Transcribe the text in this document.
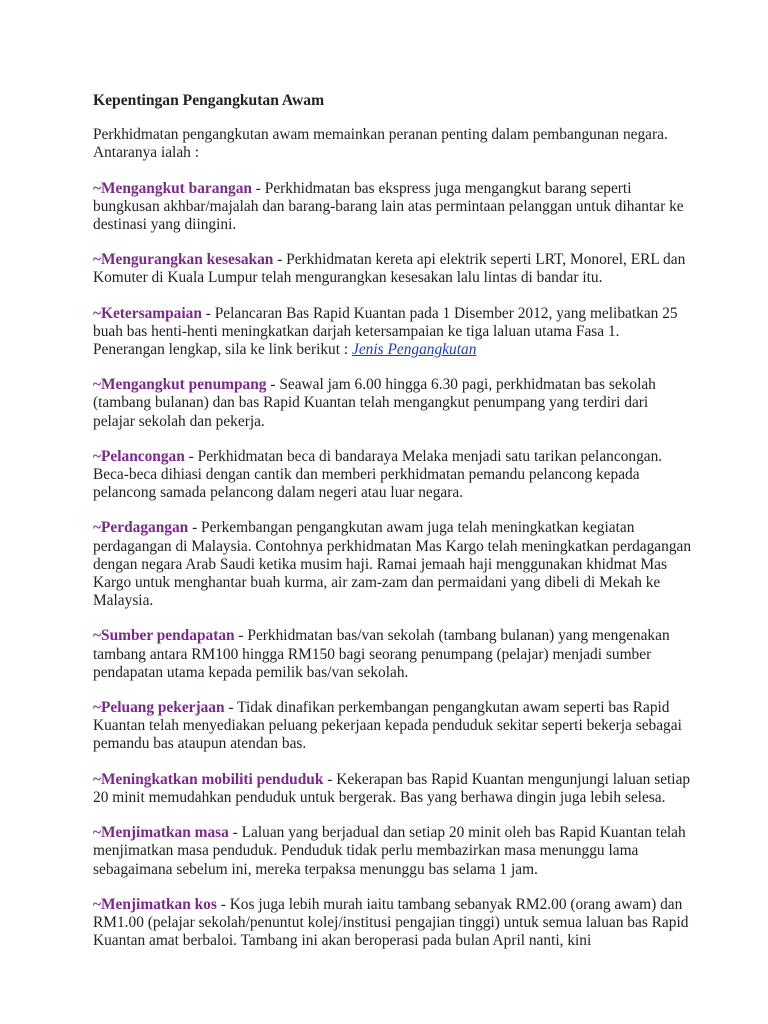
Kepentingan Pengangkutan Awam
Perkhidmatan pengangkutan awam memainkan peranan penting dalam pembangunan negara. Antaranya ialah :
~Mengangkut barangan - Perkhidmatan bas ekspress juga mengangkut barang seperti bungkusan akhbar/majalah dan barang-barang lain atas permintaan pelanggan untuk dihantar ke destinasi yang diingini.
~Mengurangkan kesesakan - Perkhidmatan kereta api elektrik seperti LRT, Monorel, ERL dan Komuter di Kuala Lumpur telah mengurangkan kesesakan lalu lintas di bandar itu.
~Ketersampaian - Pelancaran Bas Rapid Kuantan pada 1 Disember 2012, yang melibatkan 25 buah bas henti-henti meningkatkan darjah ketersampaian ke tiga laluan utama Fasa 1. Penerangan lengkap, sila ke link berikut : Jenis Pengangkutan
~Mengangkut penumpang - Seawal jam 6.00 hingga 6.30 pagi, perkhidmatan bas sekolah (tambang bulanan) dan bas Rapid Kuantan telah mengangkut penumpang yang terdiri dari pelajar sekolah dan pekerja.
~Pelancongan - Perkhidmatan beca di bandaraya Melaka menjadi satu tarikan pelancongan. Beca-beca dihiasi dengan cantik dan memberi perkhidmatan pemandu pelancong kepada pelancong samada pelancong dalam negeri atau luar negara.
~Perdagangan - Perkembangan pengangkutan awam juga telah meningkatkan kegiatan perdagangan di Malaysia. Contohnya perkhidmatan Mas Kargo telah meningkatkan perdagangan dengan negara Arab Saudi ketika musim haji. Ramai jemaah haji menggunakan khidmat Mas Kargo untuk menghantar buah kurma, air zam-zam dan permaidani yang dibeli di Mekah ke Malaysia.
~Sumber pendapatan - Perkhidmatan bas/van sekolah (tambang bulanan) yang mengenakan tambang antara RM100 hingga RM150 bagi seorang penumpang (pelajar) menjadi sumber pendapatan utama kepada pemilik bas/van sekolah.
~Peluang pekerjaan - Tidak dinafikan perkembangan pengangkutan awam seperti bas Rapid Kuantan telah menyediakan peluang pekerjaan kepada penduduk sekitar seperti bekerja sebagai pemandu bas ataupun atendan bas.
~Meningkatkan mobiliti penduduk - Kekerapan bas Rapid Kuantan mengunjungi laluan setiap 20 minit memudahkan penduduk untuk bergerak. Bas yang berhawa dingin juga lebih selesa.
~Menjimatkan masa - Laluan yang berjadual dan setiap 20 minit oleh bas Rapid Kuantan telah menjimatkan masa penduduk. Penduduk tidak perlu membazirkan masa menunggu lama sebagaimana sebelum ini, mereka terpaksa menunggu bas selama 1 jam.
~Menjimatkan kos - Kos juga lebih murah iaitu tambang sebanyak RM2.00 (orang awam) dan RM1.00 (pelajar sekolah/penuntut kolej/institusi pengajian tinggi) untuk semua laluan bas Rapid Kuantan amat berbaloi. Tambang ini akan beroperasi pada bulan April nanti, kini
